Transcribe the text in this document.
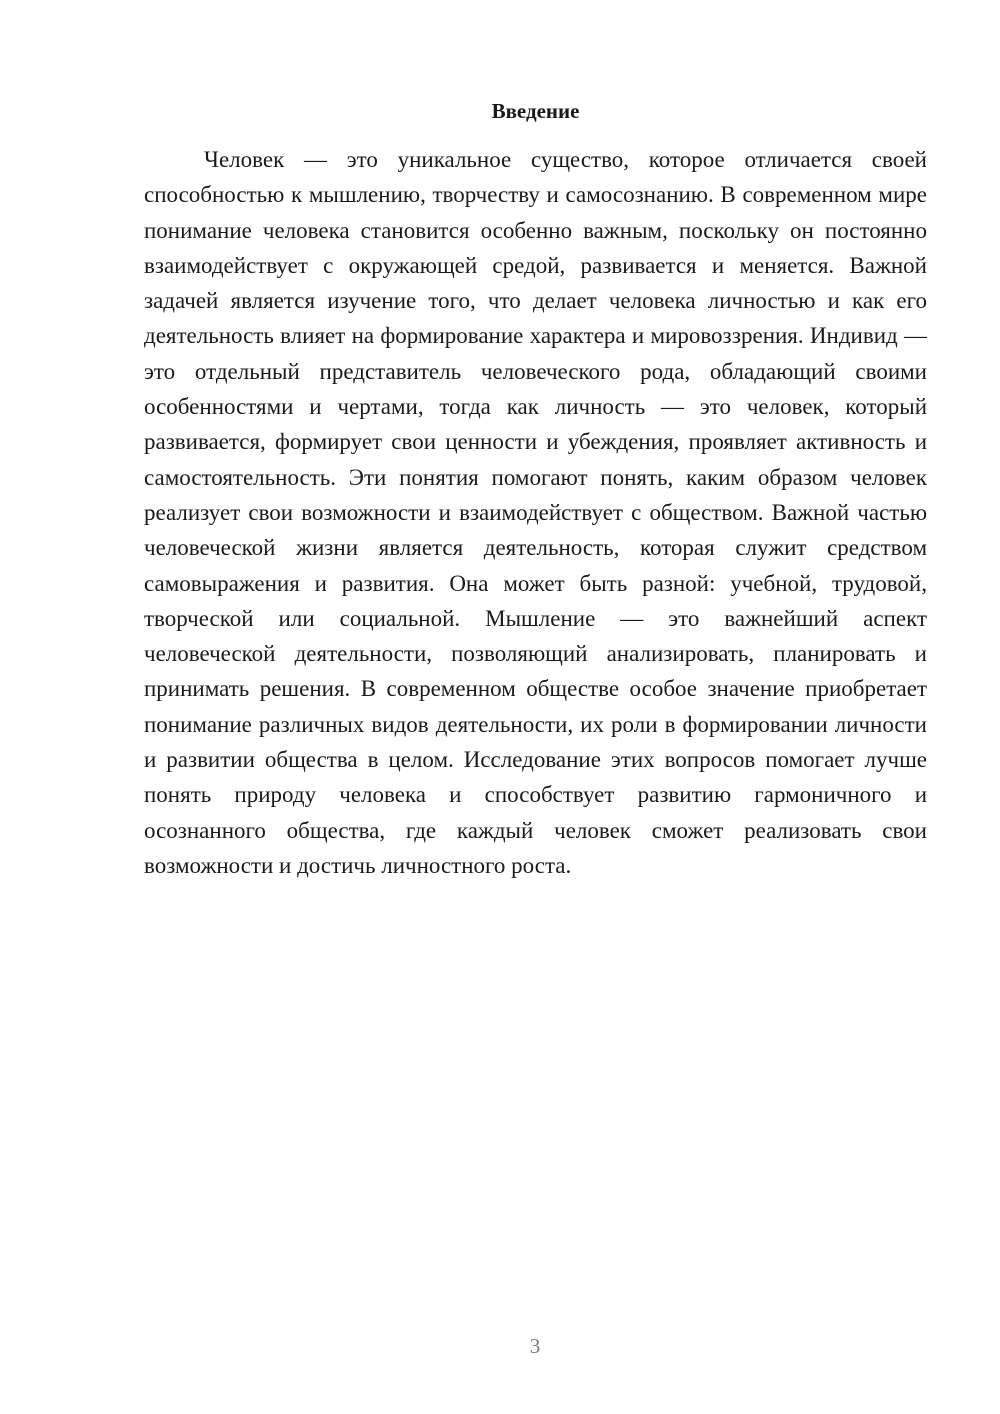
Введение

Человек — это уникальное существо, которое отличается своей способностью к мышлению, творчеству и самосознанию. В современном мире понимание человека становится особенно важным, поскольку он постоянно взаимодействует с окружающей средой, развивается и меняется. Важной задачей является изучение того, что делает человека личностью и как его деятельность влияет на формирование характера и мировоззрения. Индивид — это отдельный представитель человеческого рода, обладающий своими особенностями и чертами, тогда как личность — это человек, который развивается, формирует свои ценности и убеждения, проявляет активность и самостоятельность. Эти понятия помогают понять, каким образом человек реализует свои возможности и взаимодействует с обществом. Важной частью человеческой жизни является деятельность, которая служит средством самовыражения и развития. Она может быть разной: учебной, трудовой, творческой или социальной. Мышление — это важнейший аспект человеческой деятельности, позволяющий анализировать, планировать и принимать решения. В современном обществе особое значение приобретает понимание различных видов деятельности, их роли в формировании личности и развитии общества в целом. Исследование этих вопросов помогает лучше понять природу человека и способствует развитию гармоничного и осознанного общества, где каждый человек сможет реализовать свои возможности и достичь личностного роста.

3
